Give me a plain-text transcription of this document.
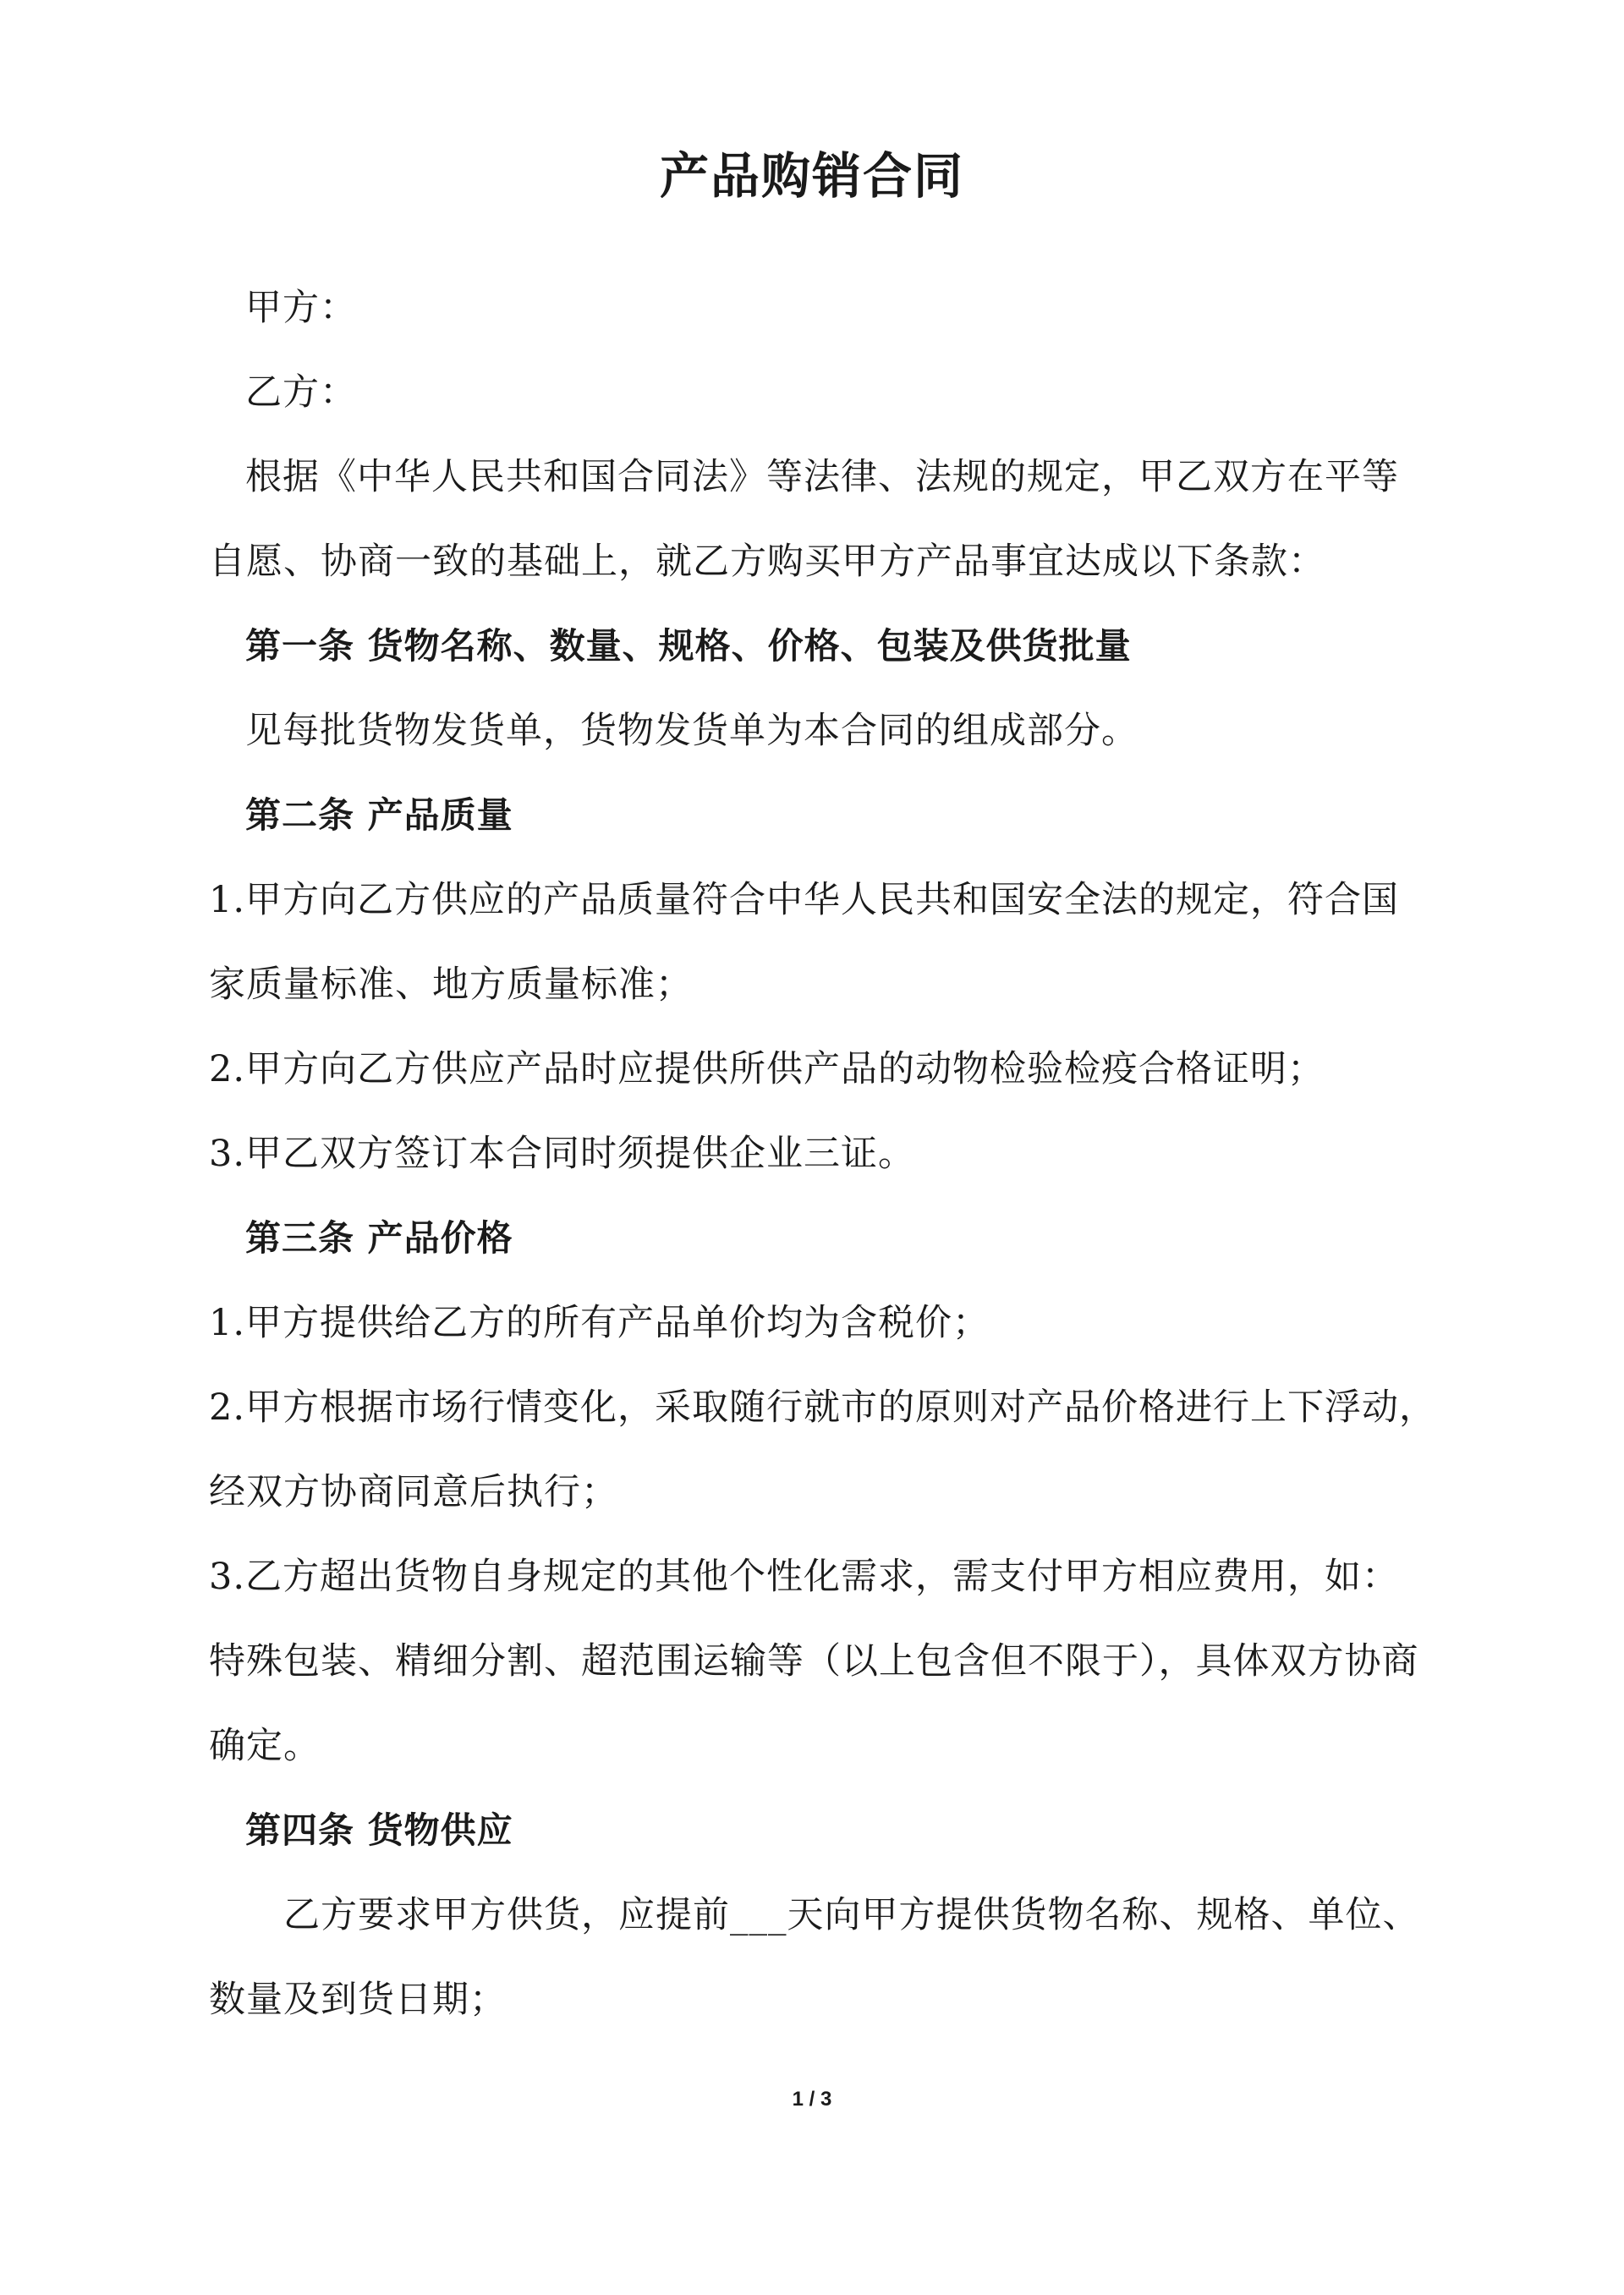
产品购销合同
甲方：
乙方：
根据《中华人民共和国合同法》等法律、法规的规定，甲乙双方在平等
自愿、协商一致的基础上，就乙方购买甲方产品事宜达成以下条款：
第一条 货物名称、数量、规格、价格、包装及供货批量
见每批货物发货单，货物发货单为本合同的组成部分。
第二条 产品质量
1.甲方向乙方供应的产品质量符合中华人民共和国安全法的规定，符合国
家质量标准、地方质量标准；
2.甲方向乙方供应产品时应提供所供产品的动物检验检疫合格证明；
3.甲乙双方签订本合同时须提供企业三证。
第三条 产品价格
1.甲方提供给乙方的所有产品单价均为含税价；
2.甲方根据市场行情变化，采取随行就市的原则对产品价格进行上下浮动，
经双方协商同意后执行；
3.乙方超出货物自身规定的其他个性化需求，需支付甲方相应费用，如：
特殊包装、精细分割、超范围运输等（以上包含但不限于），具体双方协商
确定。
第四条 货物供应
乙方要求甲方供货，应提前___天向甲方提供货物名称、规格、单位、
数量及到货日期；
1 / 3
